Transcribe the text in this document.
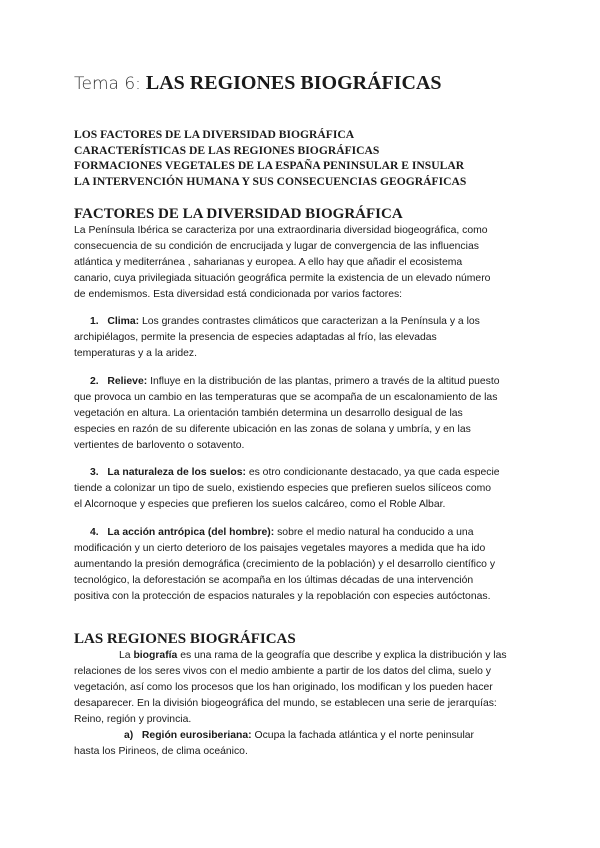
Tema 6: LAS REGIONES BIOGRÁFICAS
LOS FACTORES DE LA DIVERSIDAD BIOGRÁFICA
CARACTERÍSTICAS DE LAS REGIONES BIOGRÁFICAS
FORMACIONES VEGETALES DE LA ESPAÑA PENINSULAR E INSULAR
LA INTERVENCIÓN HUMANA Y SUS CONSECUENCIAS GEOGRÁFICAS
FACTORES DE LA DIVERSIDAD BIOGRÁFICA
La Península Ibérica se caracteriza por una extraordinaria diversidad biogeográfica, como
consecuencia de su condición de encrucijada y lugar de convergencia de las influencias
atlántica y mediterránea , saharianas y europea. A ello hay que añadir el ecosistema
canario, cuya privilegiada situación geográfica permite la existencia de un elevado número
de endemismos. Esta diversidad está condicionada por varios factores:
1. Clima: Los grandes contrastes climáticos que caracterizan a la Península y a los
archipiélagos, permite la presencia de especies adaptadas al frío, las elevadas
temperaturas y a la aridez.
2. Relieve: Influye en la distribución de las plantas, primero a través de la altitud puesto
que provoca un cambio en las temperaturas que se acompaña de un escalonamiento de las
vegetación en altura. La orientación también determina un desarrollo desigual de las
especies en razón de su diferente ubicación en las zonas de solana y umbría, y en las
vertientes de barlovento o sotavento.
3. La naturaleza de los suelos: es otro condicionante destacado, ya que cada especie
tiende a colonizar un tipo de suelo, existiendo especies que prefieren suelos silíceos como
el Alcornoque y especies que prefieren los suelos calcáreo, como el Roble Albar.
4. La acción antrópica (del hombre): sobre el medio natural ha conducido a una
modificación y un cierto deterioro de los paisajes vegetales mayores a medida que ha ido
aumentando la presión demográfica (crecimiento de la población) y el desarrollo científico y
tecnológico, la deforestación se acompaña en los últimas décadas de una intervención
positiva con la protección de espacios naturales y la repoblación con especies autóctonas.
LAS REGIONES BIOGRÁFICAS
La biografía es una rama de la geografía que describe y explica la distribución y las
relaciones de los seres vivos con el medio ambiente a partir de los datos del clima, suelo y
vegetación, así como los procesos que los han originado, los modifican y los pueden hacer
desaparecer. En la división biogeográfica del mundo, se establecen una serie de jerarquías:
Reino, región y provincia.
a) Región eurosiberiana: Ocupa la fachada atlántica y el norte peninsular
hasta los Pirineos, de clima oceánico.
